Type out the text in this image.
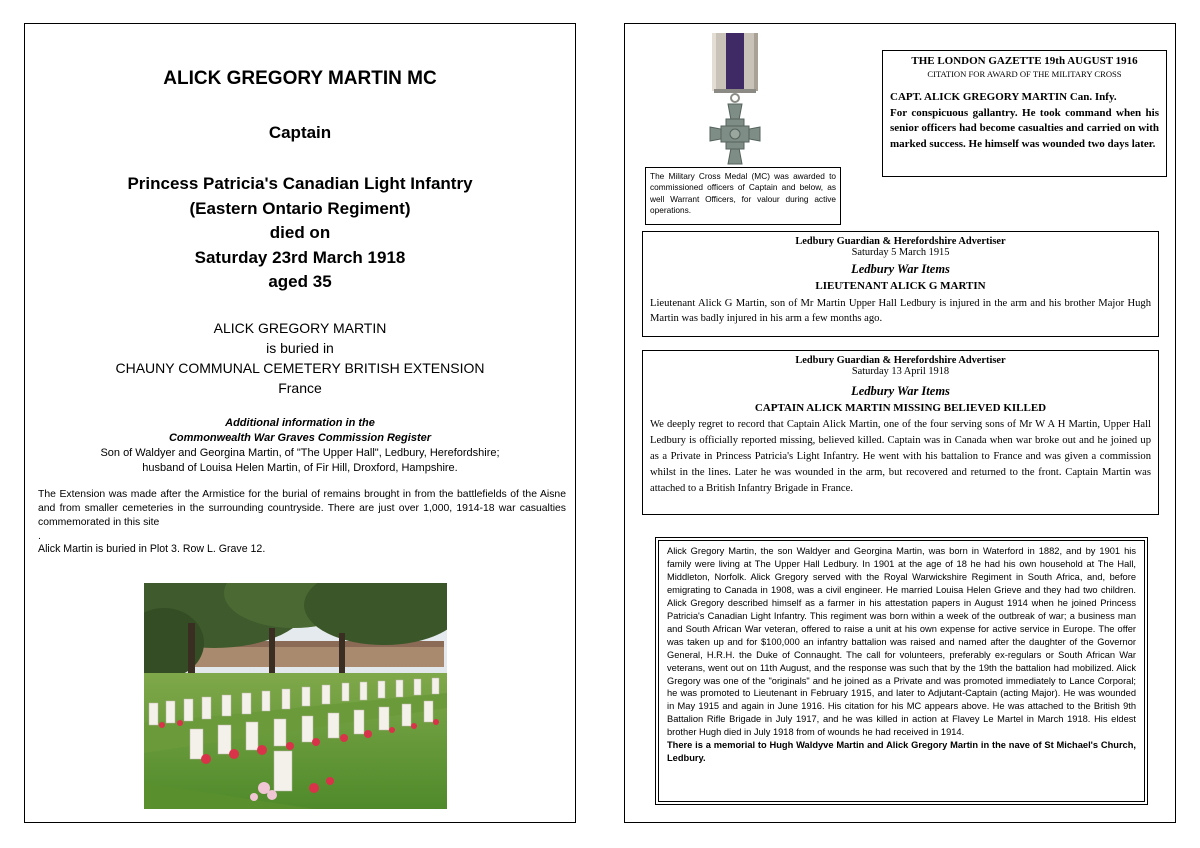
ALICK GREGORY MARTIN MC
Captain
Princess Patricia's Canadian Light Infantry
(Eastern Ontario Regiment)
died on
Saturday 23rd March 1918
aged 35
ALICK GREGORY MARTIN
is buried in
CHAUNY COMMUNAL CEMETERY BRITISH EXTENSION
France
Additional information in the
Commonwealth War Graves Commission Register
Son of Waldyer and Georgina Martin, of "The Upper Hall", Ledbury, Herefordshire;
husband of Louisa Helen Martin, of Fir Hill, Droxford, Hampshire.
The Extension was made after the Armistice for the burial of remains brought in from the battlefields of the Aisne and from smaller cemeteries in the surrounding countryside. There are just over 1,000, 1914-18 war casualties commemorated in this site
.
Alick Martin is buried in Plot 3. Row L. Grave 12.
The Military Cross Medal (MC) was awarded to commissioned officers of Captain and below, as well Warrant Officers, for valour during active operations.
THE LONDON GAZETTE 19th AUGUST 1916
CITATION FOR AWARD OF THE MILITARY CROSS
CAPT. ALICK GREGORY MARTIN Can. Infy.
For conspicuous gallantry. He took command when his senior officers had become casualties and carried on with marked success. He himself was wounded two days later.
Ledbury Guardian & Herefordshire Advertiser
Saturday 5 March 1915
Ledbury War Items
LIEUTENANT ALICK G MARTIN
Lieutenant Alick G Martin, son of Mr Martin Upper Hall Ledbury is injured in the arm and his brother Major Hugh Martin was badly injured in his arm a few months ago.
Ledbury Guardian & Herefordshire Advertiser
Saturday 13 April 1918
Ledbury War Items
CAPTAIN ALICK MARTIN MISSING BELIEVED KILLED
We deeply regret to record that Captain Alick Martin, one of the four serving sons of Mr W A H Martin, Upper Hall Ledbury is officially reported missing, believed killed. Captain was in Canada when war broke out and he joined up as a Private in Princess Patricia's Light Infantry. He went with his battalion to France and was given a commission whilst in the lines. Later he was wounded in the arm, but recovered and returned to the front. Captain Martin was attached to a British Infantry Brigade in France.
Alick Gregory Martin, the son Waldyer and Georgina Martin, was born in Waterford in 1882, and by 1901 his family were living at The Upper Hall Ledbury. In 1901 at the age of 18 he had his own household at The Hall, Middleton, Norfolk. Alick Gregory served with the Royal Warwickshire Regiment in South Africa, and, before emigrating to Canada in 1908, was a civil engineer. He married Louisa Helen Grieve and they had two children. Alick Gregory described himself as a farmer in his attestation papers in August 1914 when he joined Princess Patricia's Canadian Light Infantry. This regiment was born within a week of the outbreak of war; a business man and South African War veteran, offered to raise a unit at his own expense for active service in Europe. The offer was taken up and for $100,000 an infantry battalion was raised and named after the daughter of the Governor General, H.R.H. the Duke of Connaught. The call for volunteers, preferably ex-regulars or South African War veterans, went out on 11th August, and the response was such that by the 19th the battalion had mobilized. Alick Gregory was one of the "originals" and he joined as a Private and was promoted immediately to Lance Corporal; he was promoted to Lieutenant in February 1915, and later to Adjutant-Captain (acting Major). He was wounded in May 1915 and again in June 1916. His citation for his MC appears above. He was attached to the British 9th Battalion Rifle Brigade in July 1917, and he was killed in action at Flavey Le Martel in March 1918. His eldest brother Hugh died in July 1918 from of wounds he had received in 1914.
There is a memorial to Hugh Waldyve Martin and Alick Gregory Martin in the nave of St Michael's Church, Ledbury.
